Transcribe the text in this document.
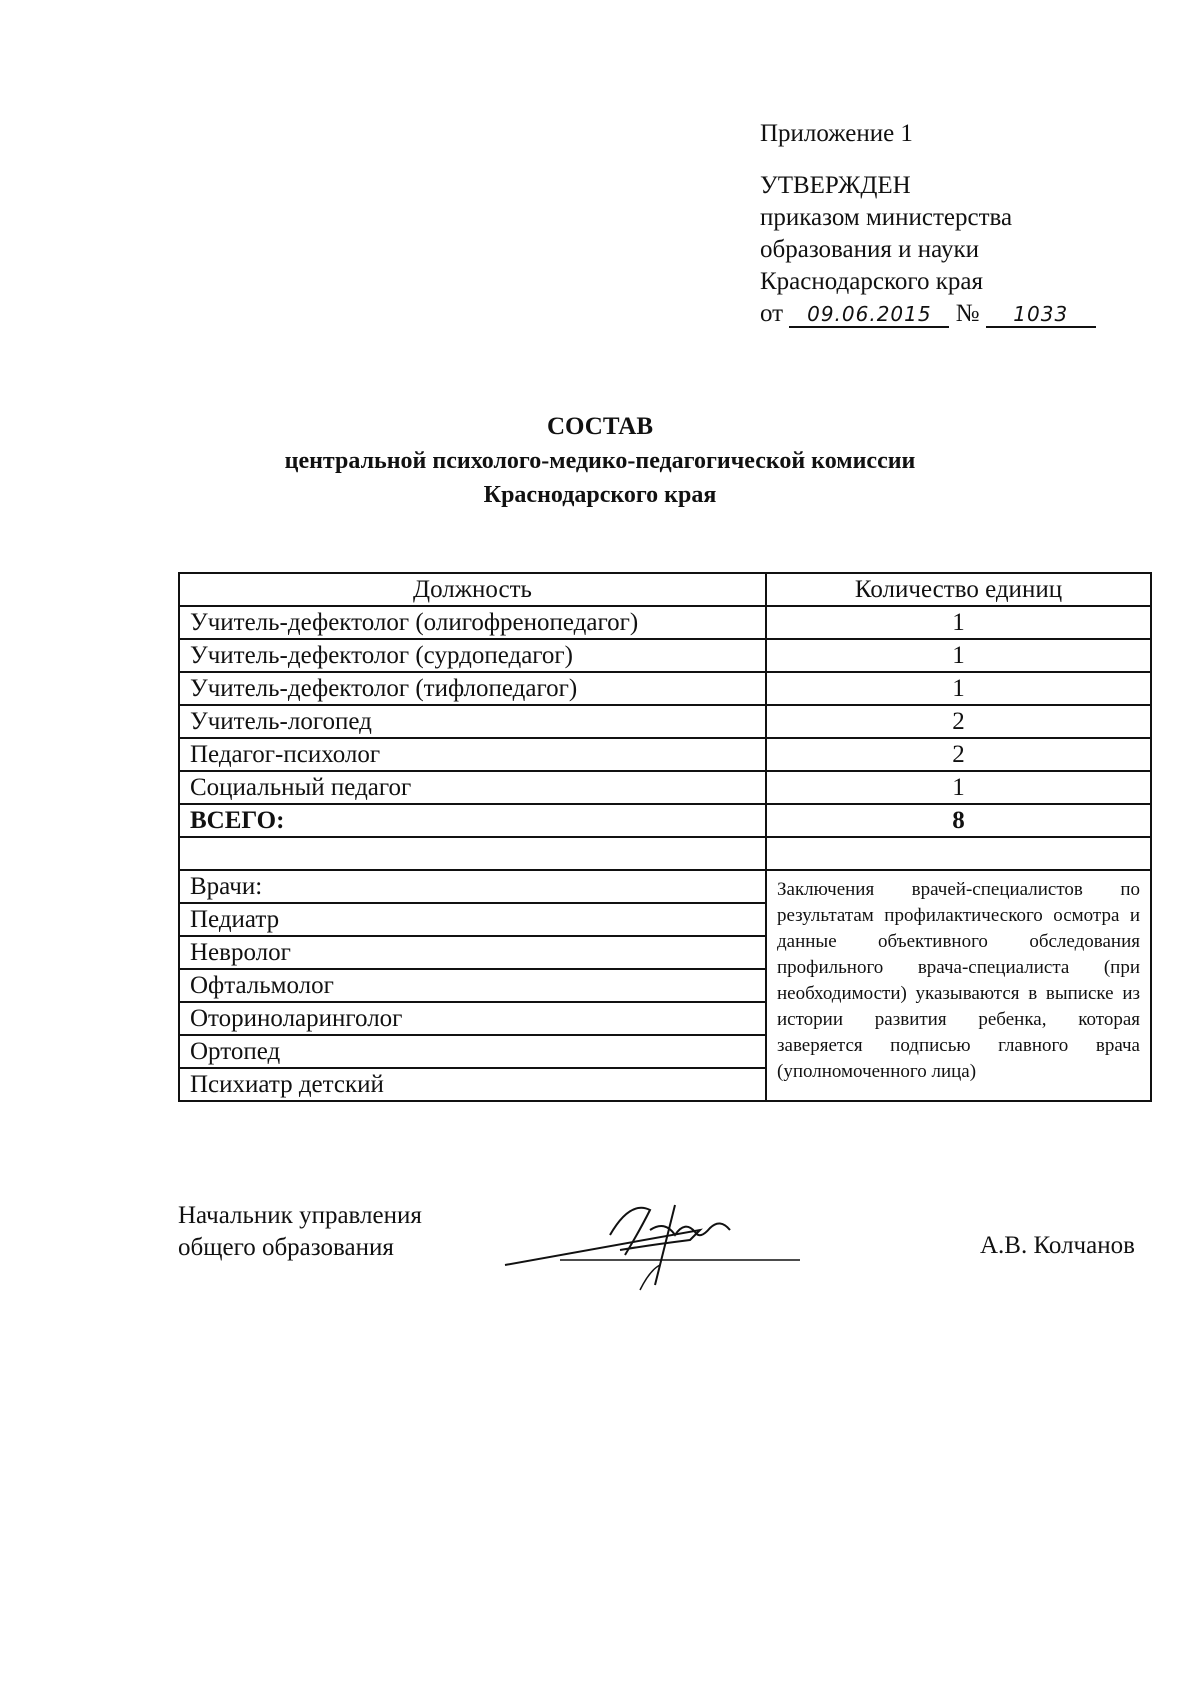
Приложение 1
УТВЕРЖДЕН
приказом министерства
образования и науки
Краснодарского края
от 09.06.2015 № 1033
СОСТАВ
центральной психолого-медико-педагогической комиссии
Краснодарского края
Должность	Количество единиц
Учитель-дефектолог (олигофренопедагог)	1
Учитель-дефектолог (сурдопедагог)	1
Учитель-дефектолог (тифлопедагог)	1
Учитель-логопед	2
Педагог-психолог	2
Социальный педагог	1
ВСЕГО:	8

Врачи:	Заключения врачей-специалистов по результатам профилактического осмотра и данные объективного обследования профильного врача-специалиста (при необходимости) указываются в выписке из истории развития ребенка, которая заверяется подписью главного врача (уполномоченного лица)
Педиатр	
Невролог	
Офтальмолог	
Оториноларинголог	
Ортопед	
Психиатр детский	
Начальник управления
общего образования	А.В. Колчанов
